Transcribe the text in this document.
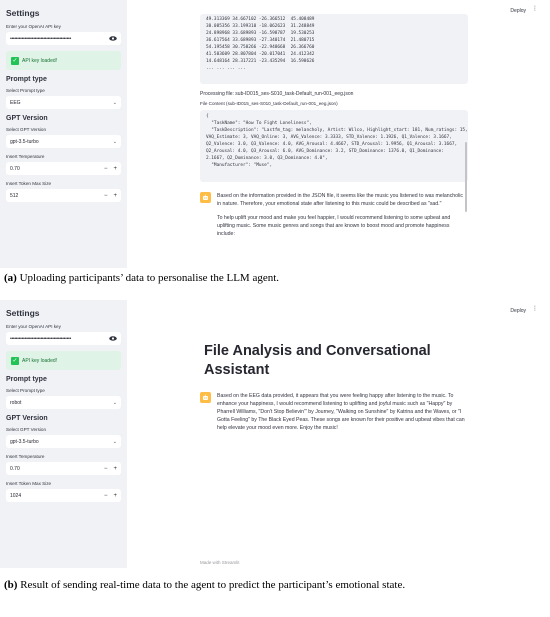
Settings
Enter your OpenAI API key
••••••••••••••••••••••••••••••••••••••••••
✓ API key loaded!
Prompt type
Select Prompt type
EEG	⌄
GPT Version
Select GPT Version
gpt-3.5-turbo	⌄
Insert Temperature
0.70	− +
Insert Token Max Size
512	− +
Deploy ⋮
49.313369 34.667102 -26.366512  45.408489
38.085356 33.199310 -18.062623  31.248849
24.898968 33.689893 -16.598787  19.530253
36.617564 33.689893 -27.340174  21.480715
54.195458 30.758266 -22.948668  26.366760
41.503609 28.807804 -20.017041  24.412342
14.648164 28.317221 -23.435294  16.598626
... ... ... ...
Processing file: sub-ID015_ses-S010_task-Default_run-001_eeg.json
File Content (sub-ID015_ses-S010_task-Default_run-001_eeg.json)
{
"TaskName": "How To Fight Loneliness",
"TaskDescription": "Lastfm_tag: melancholy, Artist: Wilco, Highlight_start: 181, Num_ratings: 15,
VAQ_Estimate: 3, VAQ_Online: 3, AVG_Valence: 3.3333, STD_Valence: 1.1926, Q1_Valence: 3.1667,
Q2_Valence: 3.0, Q3_Valence: 4.0, AVG_Arousal: 4.4667, STD_Arousal: 1.9956, Q1_Arousal: 3.1667,
Q2_Arousal: 4.0, Q3_Arousal: 6.0, AVG_Dominance: 3.2, STD_Dominance: 1376.0, Q1_Dominance:
2.1667, Q2_Dominance: 3.0, Q3_Dominance: 4.0",
"Manufacturer": "Muse",

Based on the information provided in the JSON file, it seems like the music you listened to was melancholic in nature. Therefore, your emotional state after listening to this music could be described as "sad."

To help uplift your mood and make you feel happier, I would recommend listening to some upbeat and uplifting music. Some music genres and songs that are known to boost mood and promote happiness include:

(a) Uploading participants’ data to personalise the LLM agent.
Settings
Enter your OpenAI API key
••••••••••••••••••••••••••••••••••••••••••
✓ API key loaded!
Prompt type
Select Prompt type
robot	⌄
GPT Version
Select GPT Version
gpt-3.5-turbo	⌄
Insert Temperature
0.70	− +
Insert Token Max Size
1024	− +
Deploy ⋮
File Analysis and Conversational Assistant

Based on the EEG data provided, it appears that you were feeling happy after listening to the music. To enhance your happiness, I would recommend listening to uplifting and joyful music such as "Happy" by Pharrell Williams, "Don't Stop Believin'" by Journey, "Walking on Sunshine" by Katrina and the Waves, or "I Gotta Feeling" by The Black Eyed Peas. These songs are known for their positive and upbeat vibes that can help elevate your mood even more. Enjoy the music!

Made with Streamlit
(b) Result of sending real-time data to the agent to predict the participant’s emotional state.
